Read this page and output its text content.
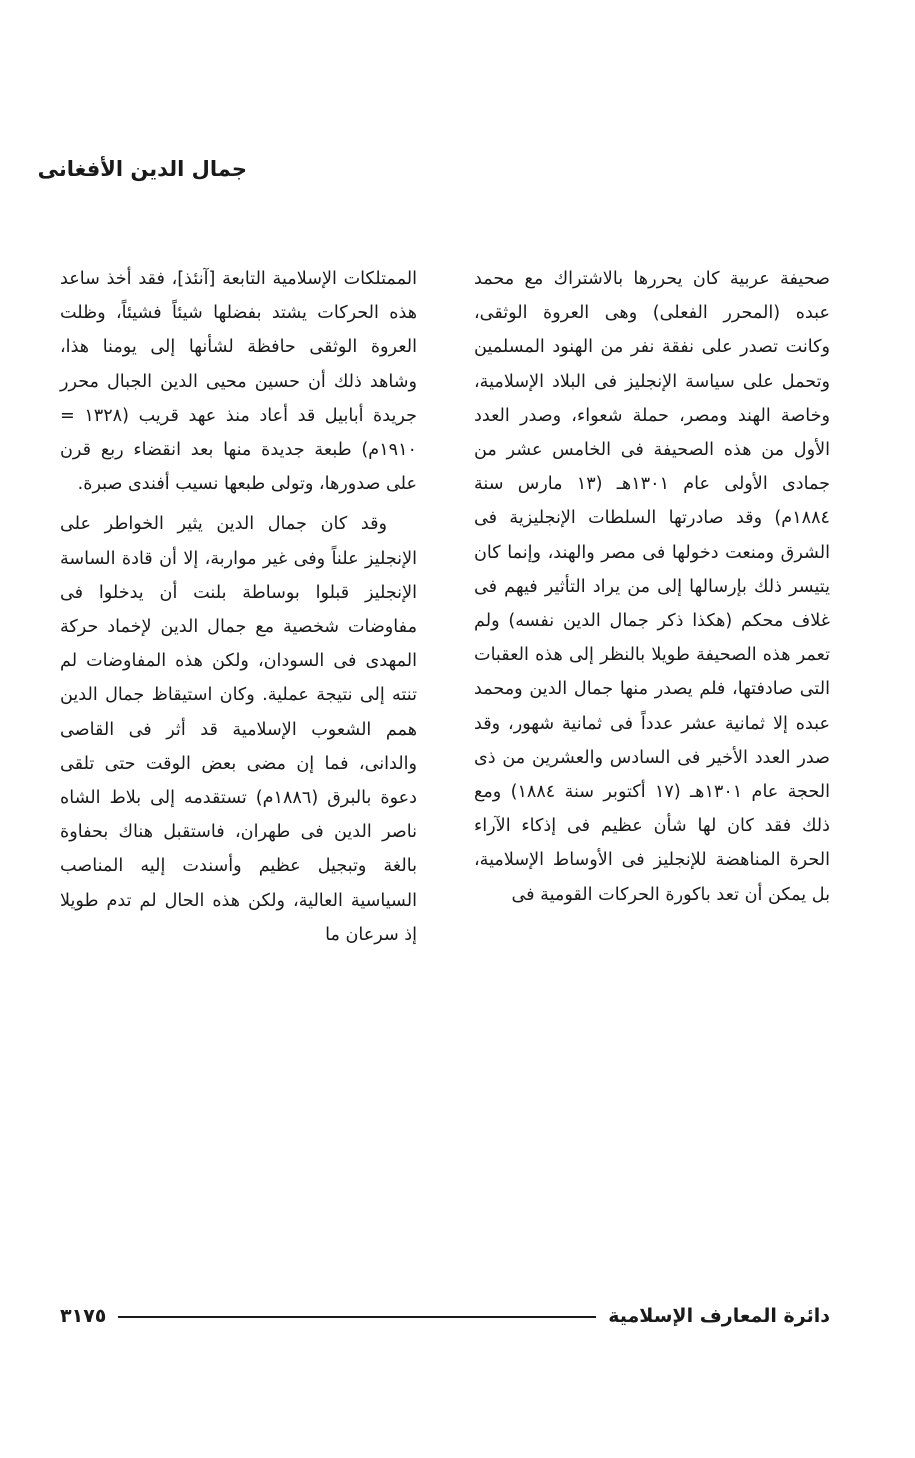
جمال الدين الأفغانى

صحيفة عربية كان يحررها بالاشتراك مع محمد عبده (المحرر الفعلى) وهى العروة الوثقى، وكانت تصدر على نفقة نفر من الهنود المسلمين وتحمل على سياسة الإنجليز فى البلاد الإسلامية، وخاصة الهند ومصر، حملة شعواء، وصدر العدد الأول من هذه الصحيفة فى الخامس عشر من جمادى الأولى عام ١٣٠١هـ (١٣ مارس سنة ١٨٨٤م) وقد صادرتها السلطات الإنجليزية فى الشرق ومنعت دخولها فى مصر والهند، وإنما كان يتيسر ذلك بإرسالها إلى من يراد التأثير فيهم فى غلاف محكم (هكذا ذكر جمال الدين نفسه) ولم تعمر هذه الصحيفة طويلا بالنظر إلى هذه العقبات التى صادفتها، فلم يصدر منها جمال الدين ومحمد عبده إلا ثمانية عشر عدداً فى ثمانية شهور، وقد صدر العدد الأخير فى السادس والعشرين من ذى الحجة عام ١٣٠١هـ (١٧ أكتوبر سنة ١٨٨٤) ومع ذلك فقد كان لها شأن عظيم فى إذكاء الآراء الحرة المناهضة للإنجليز فى الأوساط الإسلامية، بل يمكن أن تعد باكورة الحركات القومية فى

الممتلكات الإسلامية التابعة [آنئذ]، فقد أخذ ساعد هذه الحركات يشتد بفضلها شيئاً فشيئاً، وظلت العروة الوثقى حافظة لشأنها إلى يومنا هذا، وشاهد ذلك أن حسين محيى الدين الجبال محرر جريدة أبابيل قد أعاد منذ عهد قريب (١٣٢٨ = ١٩١٠م) طبعة جديدة منها بعد انقضاء ربع قرن على صدورها، وتولى طبعها نسيب أفندى صبرة.

وقد كان جمال الدين يثير الخواطر على الإنجليز علناً وفى غير مواربة، إلا أن قادة الساسة الإنجليز قبلوا بوساطة بلنت أن يدخلوا فى مفاوضات شخصية مع جمال الدين لإخماد حركة المهدى فى السودان، ولكن هذه المفاوضات لم تنته إلى نتيجة عملية. وكان استيقاظ جمال الدين همم الشعوب الإسلامية قد أثر فى القاصى والدانى، فما إن مضى بعض الوقت حتى تلقى دعوة بالبرق (١٨٨٦م) تستقدمه إلى بلاط الشاه ناصر الدين فى طهران، فاستقبل هناك بحفاوة بالغة وتبجيل عظيم وأسندت إليه المناصب السياسية العالية، ولكن هذه الحال لم تدم طويلا إذ سرعان ما

دائرة المعارف الإسلامية
٣١٧٥
